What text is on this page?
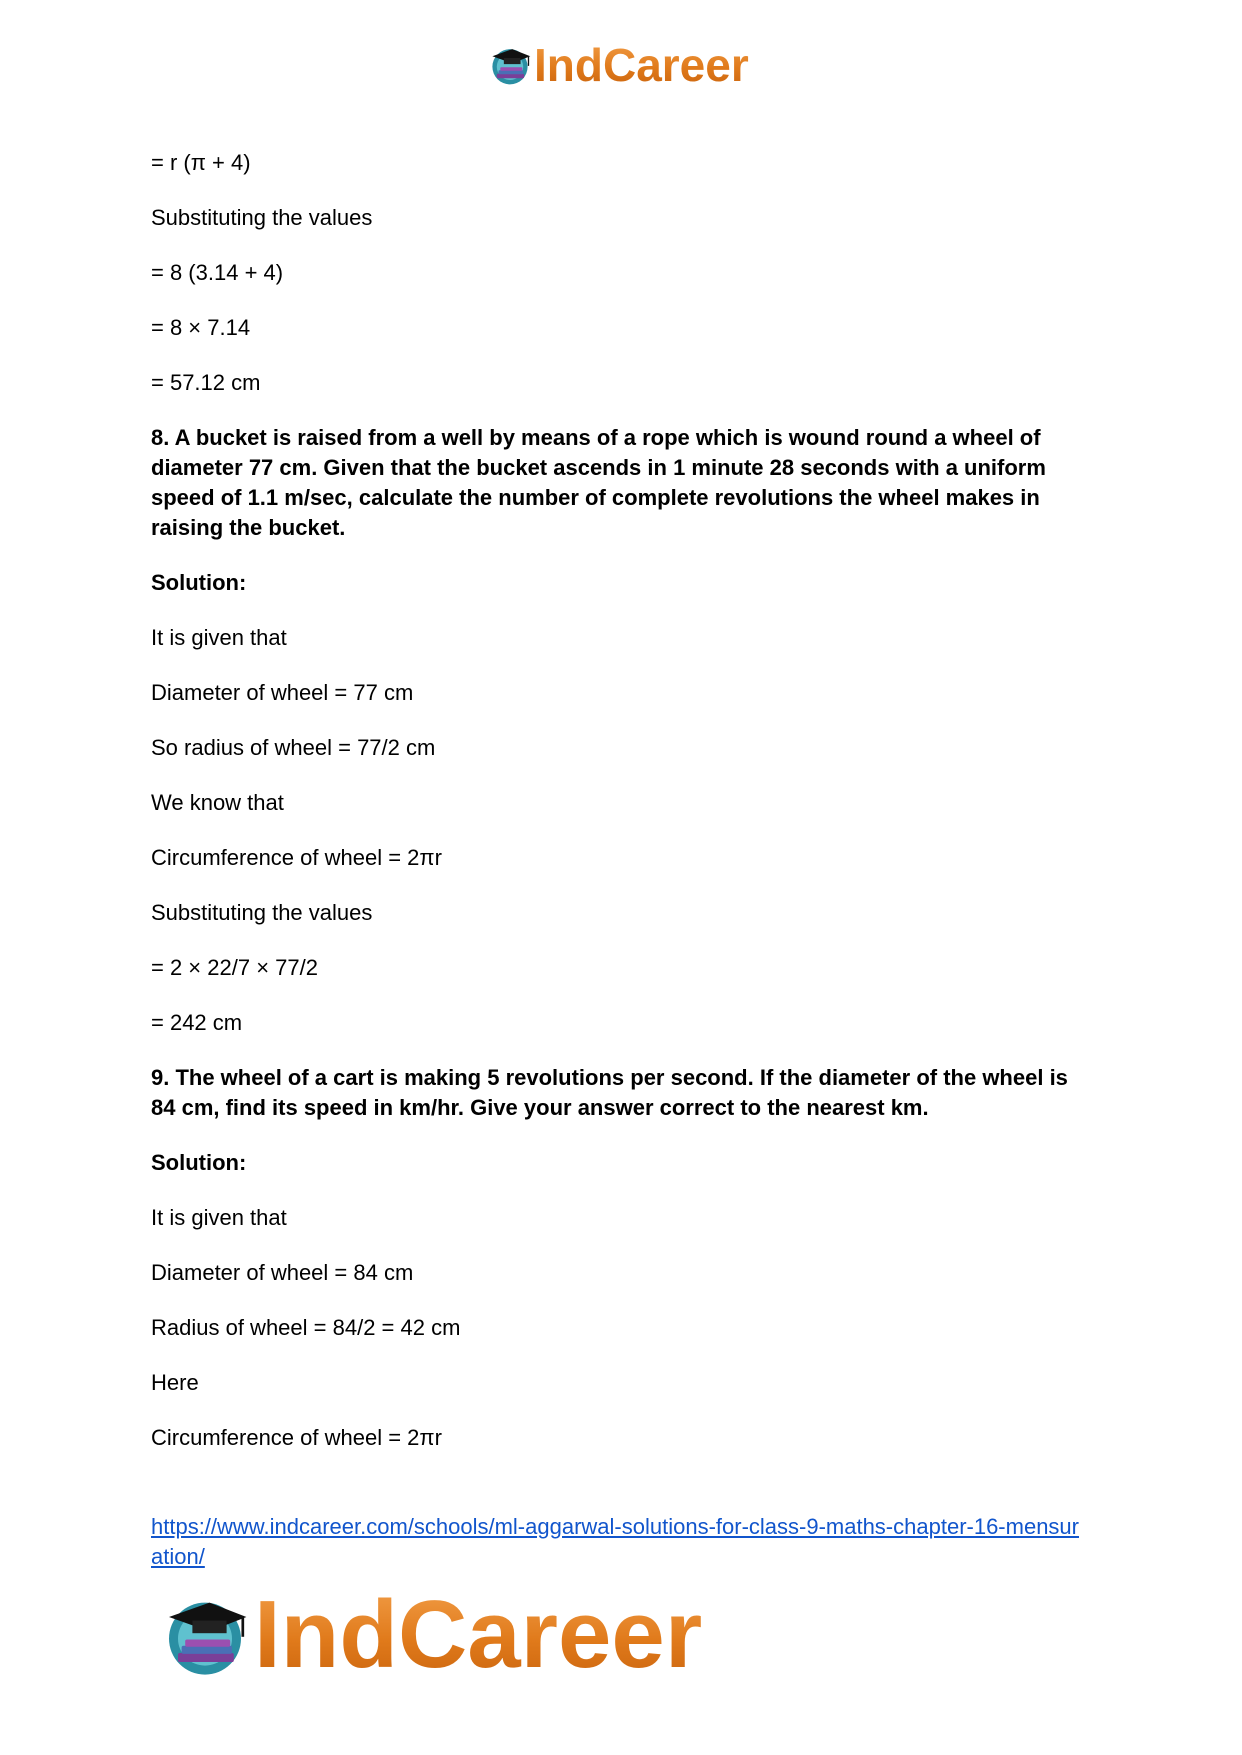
IndCareer

= r (π + 4)

Substituting the values

= 8 (3.14 + 4)

= 8 × 7.14

= 57.12 cm

8. A bucket is raised from a well by means of a rope which is wound round a wheel of diameter 77 cm. Given that the bucket ascends in 1 minute 28 seconds with a uniform speed of 1.1 m/sec, calculate the number of complete revolutions the wheel makes in raising the bucket.

Solution:

It is given that

Diameter of wheel = 77 cm

So radius of wheel = 77/2 cm

We know that

Circumference of wheel = 2πr

Substituting the values

= 2 × 22/7 × 77/2

= 242 cm

9. The wheel of a cart is making 5 revolutions per second. If the diameter of the wheel is 84 cm, find its speed in km/hr. Give your answer correct to the nearest km.

Solution:

It is given that

Diameter of wheel = 84 cm

Radius of wheel = 84/2 = 42 cm

Here

Circumference of wheel = 2πr

https://www.indcareer.com/schools/ml-aggarwal-solutions-for-class-9-maths-chapter-16-mensuration/
IndCareer
